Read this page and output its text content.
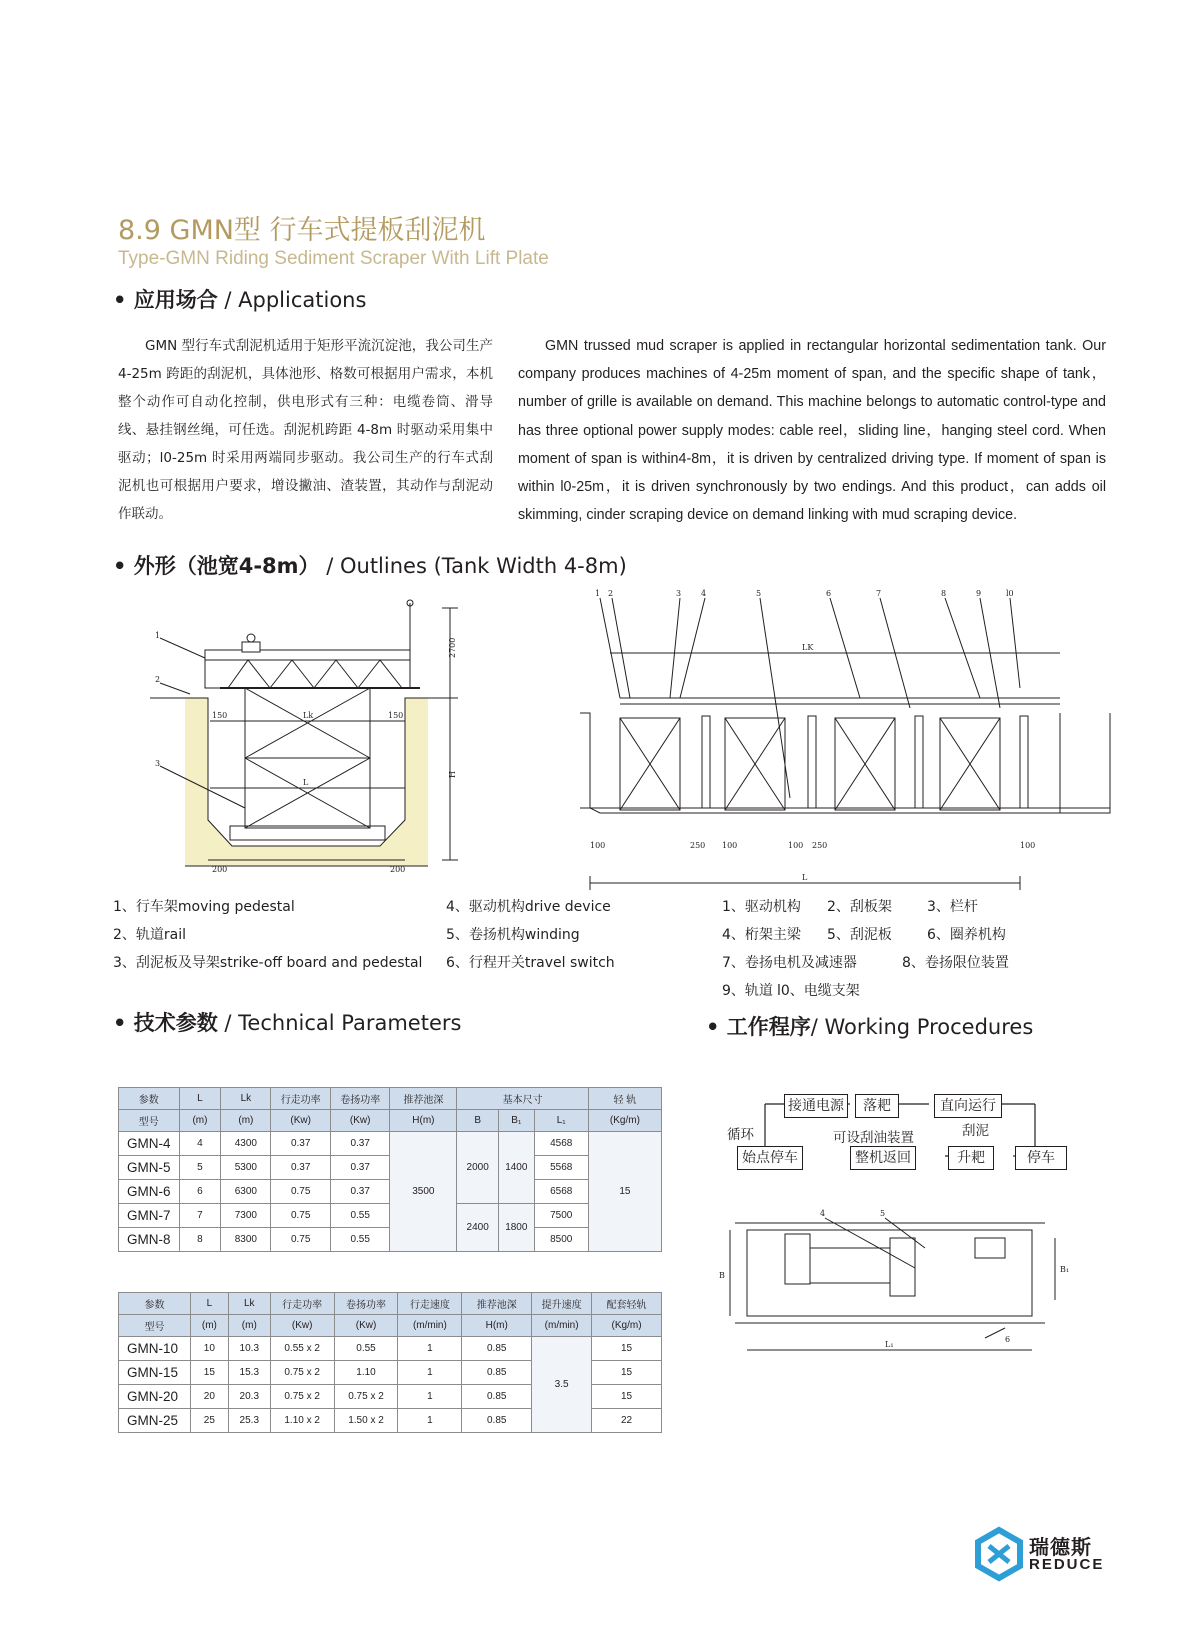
8.9 GMN型 行车式提板刮泥机
Type-GMN Riding Sediment Scraper With Lift Plate
• 应用场合 / Applications
GMN 型行车式刮泥机适用于矩形平流沉淀池，我公司生产 4-25m 跨距的刮泥机，具体池形、格数可根据用户需求，本机整个动作可自动化控制，供电形式有三种：电缆卷筒、滑导线、悬挂钢丝绳，可任选。刮泥机跨距 4-8m 时驱动采用集中驱动；l0-25m 时采用两端同步驱动。我公司生产的行车式刮泥机也可根据用户要求，增设撇油、渣装置，其动作与刮泥动作联动。
GMN trussed mud scraper is applied in rectangular horizontal sedimentation tank. Our company produces machines of 4-25m moment of span, and the specific shape of tank，number of grille is available on demand. This machine belongs to automatic control-type and has three optional power supply modes: cable reel，sliding line，hanging steel cord. When moment of span is within4-8m，it is driven by centralized driving type. If moment of span is within l0-25m，it is driven synchronously by two endings. And this product，can adds oil skimming, cinder scraping device on demand linking with mud scraping device.
• 外形（池宽4-8m） / Outlines (Tank Width 4-8m)
1
2
3
150	150
Lk
L
200	200
2700
H
1 2	3 4	5	6	7	8	9	l0
LK
100	250 100	100 250	100
L
1、行车架moving pedestal
2、轨道rail
3、刮泥板及导架strike-off board and pedestal
4、驱动机构drive device
5、卷扬机构winding
6、行程开关travel switch
1、驱动机构 2、刮板架	3、栏杆
4、桁架主梁 5、刮泥板	6、圈养机构
7、卷扬电机及减速器	8、卷扬限位装置
9、轨道 l0、电缆支架
• 技术参数 / Technical Parameters
参数	L	Lk	行走功率	卷扬功率	推荐池深	基本尺寸			轻 轨
型号	(m)	(m)	(Kw)	(Kw)	H(m)	B	B₁	L₁	(Kg/m)
GMN-4	4	4300	0.37	0.37	3500	2000	1400	4568	15
GMN-5	5	5300	0.37	0.37				5568	
GMN-6	6	6300	0.75	0.37				6568	
GMN-7	7	7300	0.75	0.55		2400	1800	7500	
GMN-8	8	8300	0.75	0.55				8500	
参数	L	Lk	行走功率	卷扬功率	行走速度	推荐池深	提升速度	配套轻轨
型号	(m)	(m)	(Kw)	(Kw)	(m/min)	H(m)	(m/min)	(Kg/m)
GMN-10	10	10.3	0.55 x 2	0.55	1	0.85	3.5	15
GMN-15	15	15.3	0.75 x 2	1.10	1	0.85		15
GMN-20	20	20.3	0.75 x 2	0.75 x 2	1	0.85		15
GMN-25	25	25.3	1.10 x 2	1.50 x 2	1	0.85		22
• 工作程序/ Working Procedures
接通电源	落耙	直向运行
始点停车	整机返回	升耙	停车
循环	可设刮油装置	刮泥
4	5
6
B
B₁
L₁
瑞德斯
REDUCE
